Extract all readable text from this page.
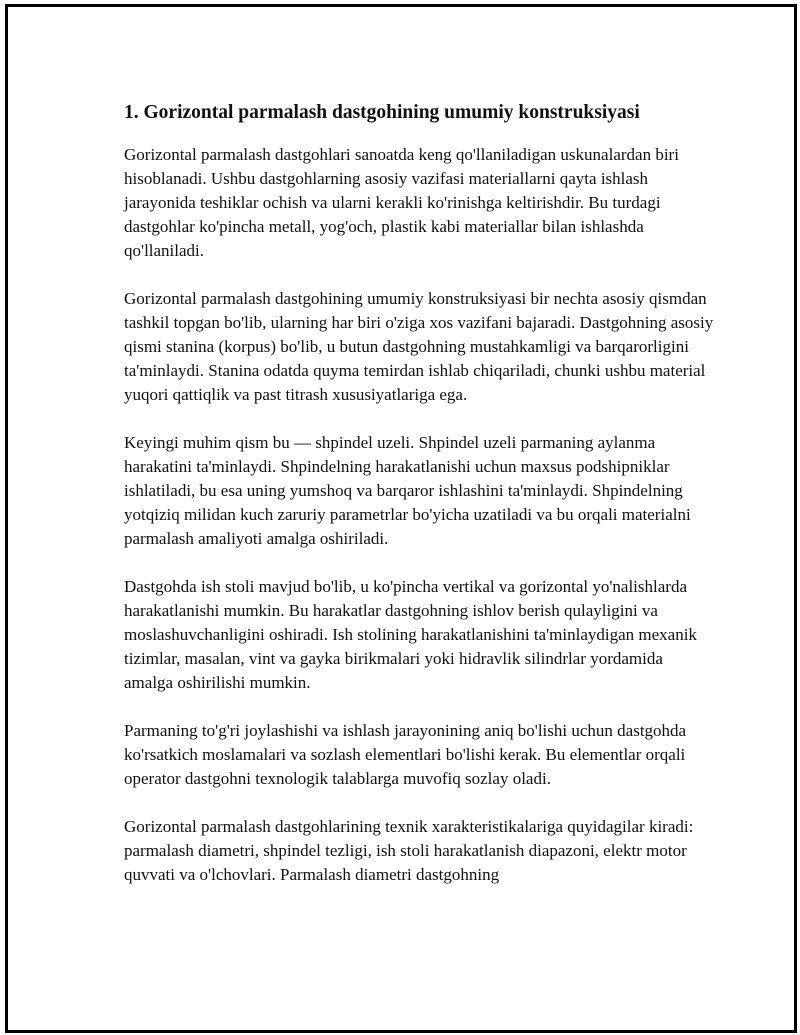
1. Gorizontal parmalash dastgohining umumiy konstruksiyasi

Gorizontal parmalash dastgohlari sanoatda keng qo'llaniladigan uskunalardan biri hisoblanadi. Ushbu dastgohlarning asosiy vazifasi materiallarni qayta ishlash jarayonida teshiklar ochish va ularni kerakli ko'rinishga keltirishdir. Bu turdagi dastgohlar ko'pincha metall, yog'och, plastik kabi materiallar bilan ishlashda qo'llaniladi.

Gorizontal parmalash dastgohining umumiy konstruksiyasi bir nechta asosiy qismdan tashkil topgan bo'lib, ularning har biri o'ziga xos vazifani bajaradi. Dastgohning asosiy qismi stanina (korpus) bo'lib, u butun dastgohning mustahkamligi va barqarorligini ta'minlaydi. Stanina odatda quyma temirdan ishlab chiqariladi, chunki ushbu material yuqori qattiqlik va past titrash xususiyatlariga ega.

Keyingi muhim qism bu — shpindel uzeli. Shpindel uzeli parmaning aylanma harakatini ta'minlaydi. Shpindelning harakatlanishi uchun maxsus podshipniklar ishlatiladi, bu esa uning yumshoq va barqaror ishlashini ta'minlaydi. Shpindelning yotqiziq milidan kuch zaruriy parametrlar bo'yicha uzatiladi va bu orqali materialni parmalash amaliyoti amalga oshiriladi.

Dastgohda ish stoli mavjud bo'lib, u ko'pincha vertikal va gorizontal yo'nalishlarda harakatlanishi mumkin. Bu harakatlar dastgohning ishlov berish qulayligini va moslashuvchanligini oshiradi. Ish stolining harakatlanishini ta'minlaydigan mexanik tizimlar, masalan, vint va gayka birikmalari yoki hidravlik silindrlar yordamida amalga oshirilishi mumkin.

Parmaning to'g'ri joylashishi va ishlash jarayonining aniq bo'lishi uchun dastgohda ko'rsatkich moslamalari va sozlash elementlari bo'lishi kerak. Bu elementlar orqali operator dastgohni texnologik talablarga muvofiq sozlay oladi.

Gorizontal parmalash dastgohlarining texnik xarakteristikalariga quyidagilar kiradi: parmalash diametri, shpindel tezligi, ish stoli harakatlanish diapazoni, elektr motor quvvati va o'lchovlari. Parmalash diametri dastgohning
